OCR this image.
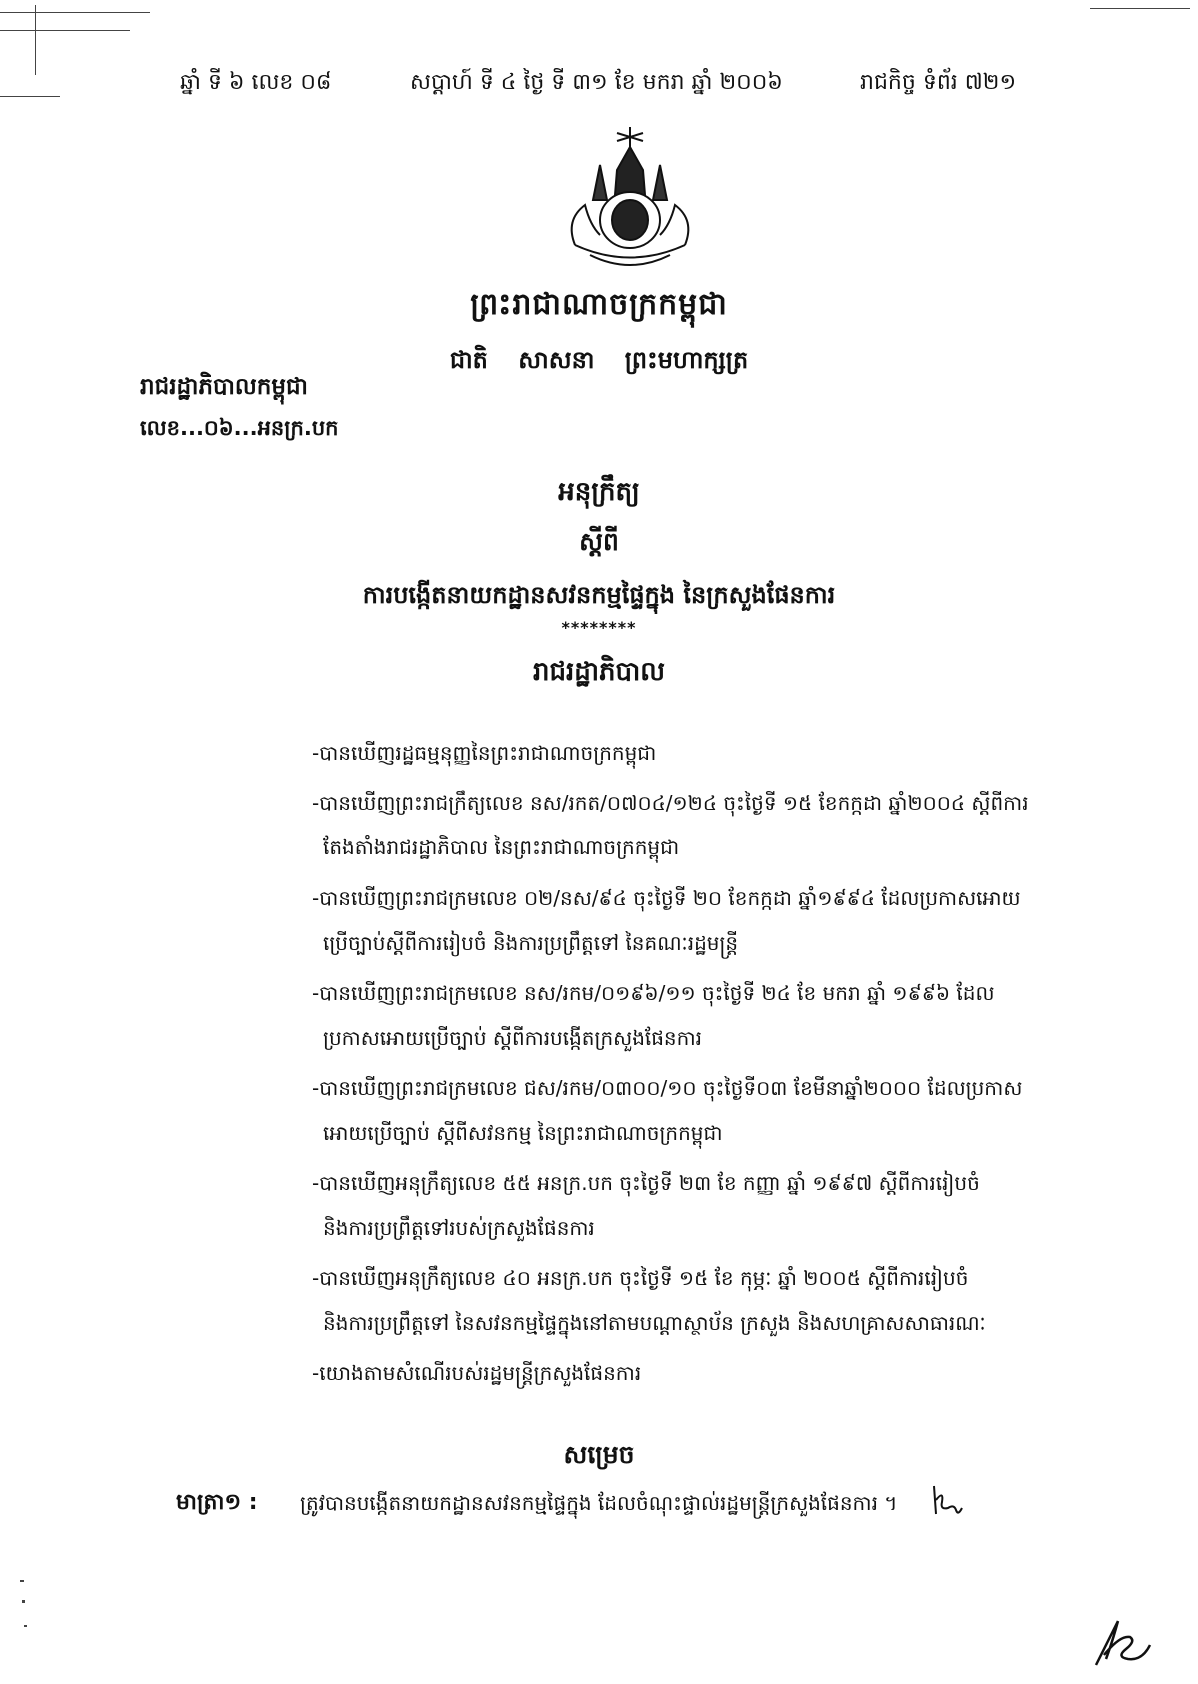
ឆ្នាំ ទី ៦ លេខ ០៨	សប្តាហ៍ ទី ៤ ថ្ងៃ ទី ៣១ ខែ មករា ឆ្នាំ ២០០៦	រាជកិច្ច ទំព័រ ៧២១
ព្រះរាជាណាចក្រកម្ពុជា
ជាតិ សាសនា ព្រះមហាក្សត្រ
រាជរដ្ឋាភិបាលកម្ពុជា
លេខ...០៦...អនក្រ.បក
អនុក្រឹត្យ
ស្តីពី
ការបង្កើតនាយកដ្ឋានសវនកម្មផ្ទៃក្នុង នៃក្រសួងផែនការ
********
រាជរដ្ឋាភិបាល
-បានឃើញរដ្ឋធម្មនុញ្ញនៃព្រះរាជាណាចក្រកម្ពុជា
-បានឃើញព្រះរាជក្រឹត្យលេខ នស/រកត/០៧០៤/១២៤ ចុះថ្ងៃទី ១៥ ខែកក្កដា ឆ្នាំ២០០៤ ស្តីពីការ
តែងតាំងរាជរដ្ឋាភិបាល នៃព្រះរាជាណាចក្រកម្ពុជា
-បានឃើញព្រះរាជក្រមលេខ ០២/នស/៩៤ ចុះថ្ងៃទី ២០ ខែកក្កដា ឆ្នាំ១៩៩៤ ដែលប្រកាសអោយ
ប្រើច្បាប់ស្តីពីការរៀបចំ និងការប្រព្រឹត្តទៅ នៃគណៈរដ្ឋមន្ត្រី
-បានឃើញព្រះរាជក្រមលេខ នស/រកម/០១៩៦/១១ ចុះថ្ងៃទី ២៤ ខែ មករា ឆ្នាំ ១៩៩៦ ដែល
ប្រកាសអោយប្រើច្បាប់ ស្តីពីការបង្កើតក្រសួងផែនការ
-បានឃើញព្រះរាជក្រមលេខ ជស/រកម/០៣០០/១០ ចុះថ្ងៃទី០៣ ខែមីនាឆ្នាំ២០០០ ដែលប្រកាស
អោយប្រើច្បាប់ ស្តីពីសវនកម្ម នៃព្រះរាជាណាចក្រកម្ពុជា
-បានឃើញអនុក្រឹត្យលេខ ៥៥ អនក្រ.បក ចុះថ្ងៃទី ២៣ ខែ កញ្ញា ឆ្នាំ ១៩៩៧ ស្តីពីការរៀបចំ
និងការប្រព្រឹត្តទៅរបស់ក្រសួងផែនការ
-បានឃើញអនុក្រឹត្យលេខ ៤០ អនក្រ.បក ចុះថ្ងៃទី ១៥ ខែ កុម្ភៈ ឆ្នាំ ២០០៥ ស្តីពីការរៀបចំ
និងការប្រព្រឹត្តទៅ នៃសវនកម្មផ្ទៃក្នុងនៅតាមបណ្តាស្ថាប័ន ក្រសួង និងសហគ្រាសសាធារណៈ
-យោងតាមសំណើរបស់រដ្ឋមន្ត្រីក្រសួងផែនការ
សម្រេច
មាត្រា១ : ត្រូវបានបង្កើតនាយកដ្ឋានសវនកម្មផ្ទៃក្នុង ដែលចំណុះផ្ទាល់រដ្ឋមន្ត្រីក្រសួងផែនការ ។
